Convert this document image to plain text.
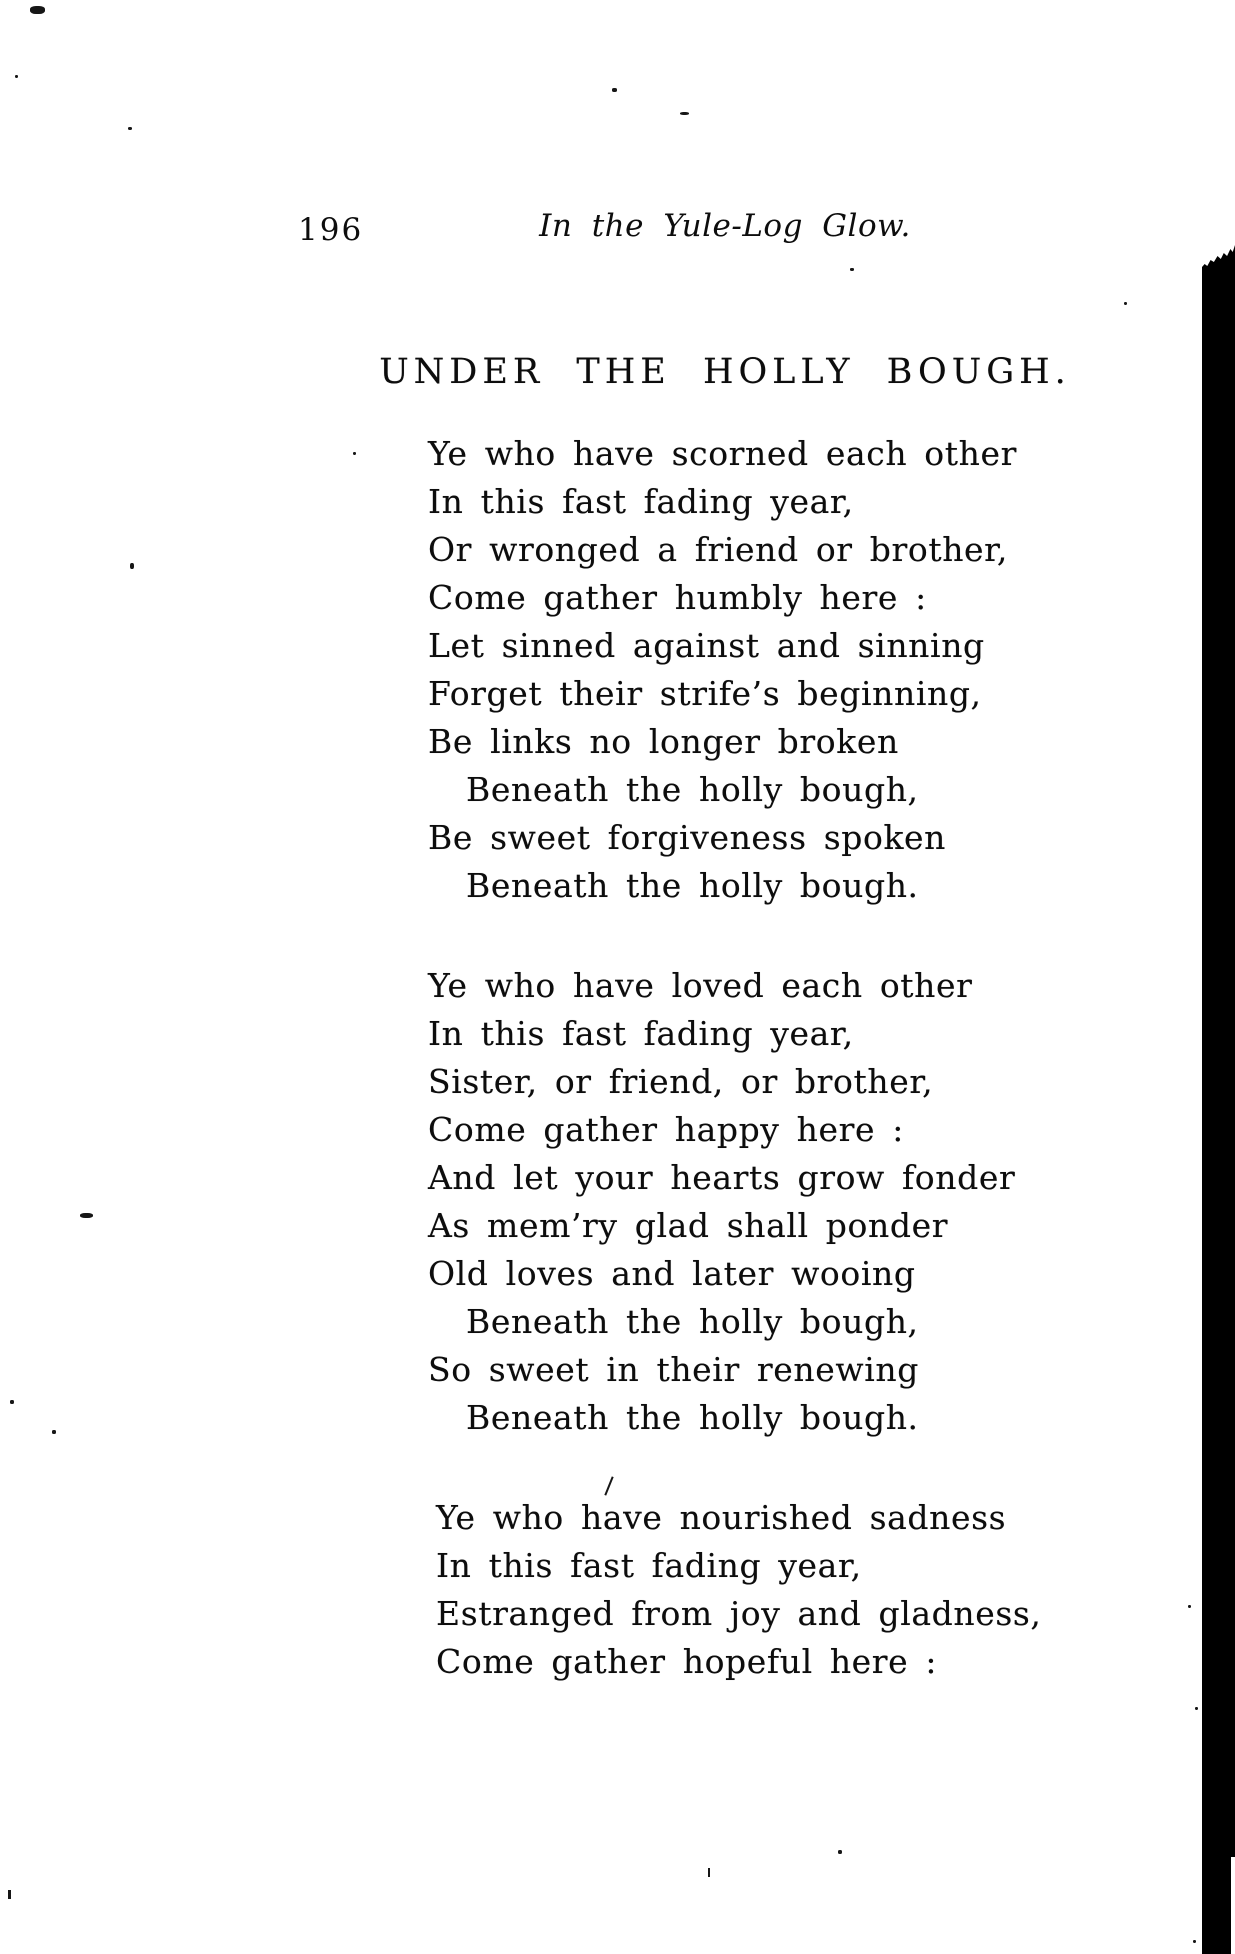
196	In the Yule-Log Glow.
UNDER THE HOLLY BOUGH.
Ye who have scorned each other
In this fast fading year,
Or wronged a friend or brother,
Come gather humbly here :
Let sinned against and sinning
Forget their strife’s beginning,
Be links no longer broken
Beneath the holly bough,
Be sweet forgiveness spoken
Beneath the holly bough.
Ye who have loved each other
In this fast fading year,
Sister, or friend, or brother,
Come gather happy here :
And let your hearts grow fonder
As mem’ry glad shall ponder
Old loves and later wooing
Beneath the holly bough,
So sweet in their renewing
Beneath the holly bough.
Ye who have nourished sadness
In this fast fading year,
Estranged from joy and gladness,
Come gather hopeful here :
